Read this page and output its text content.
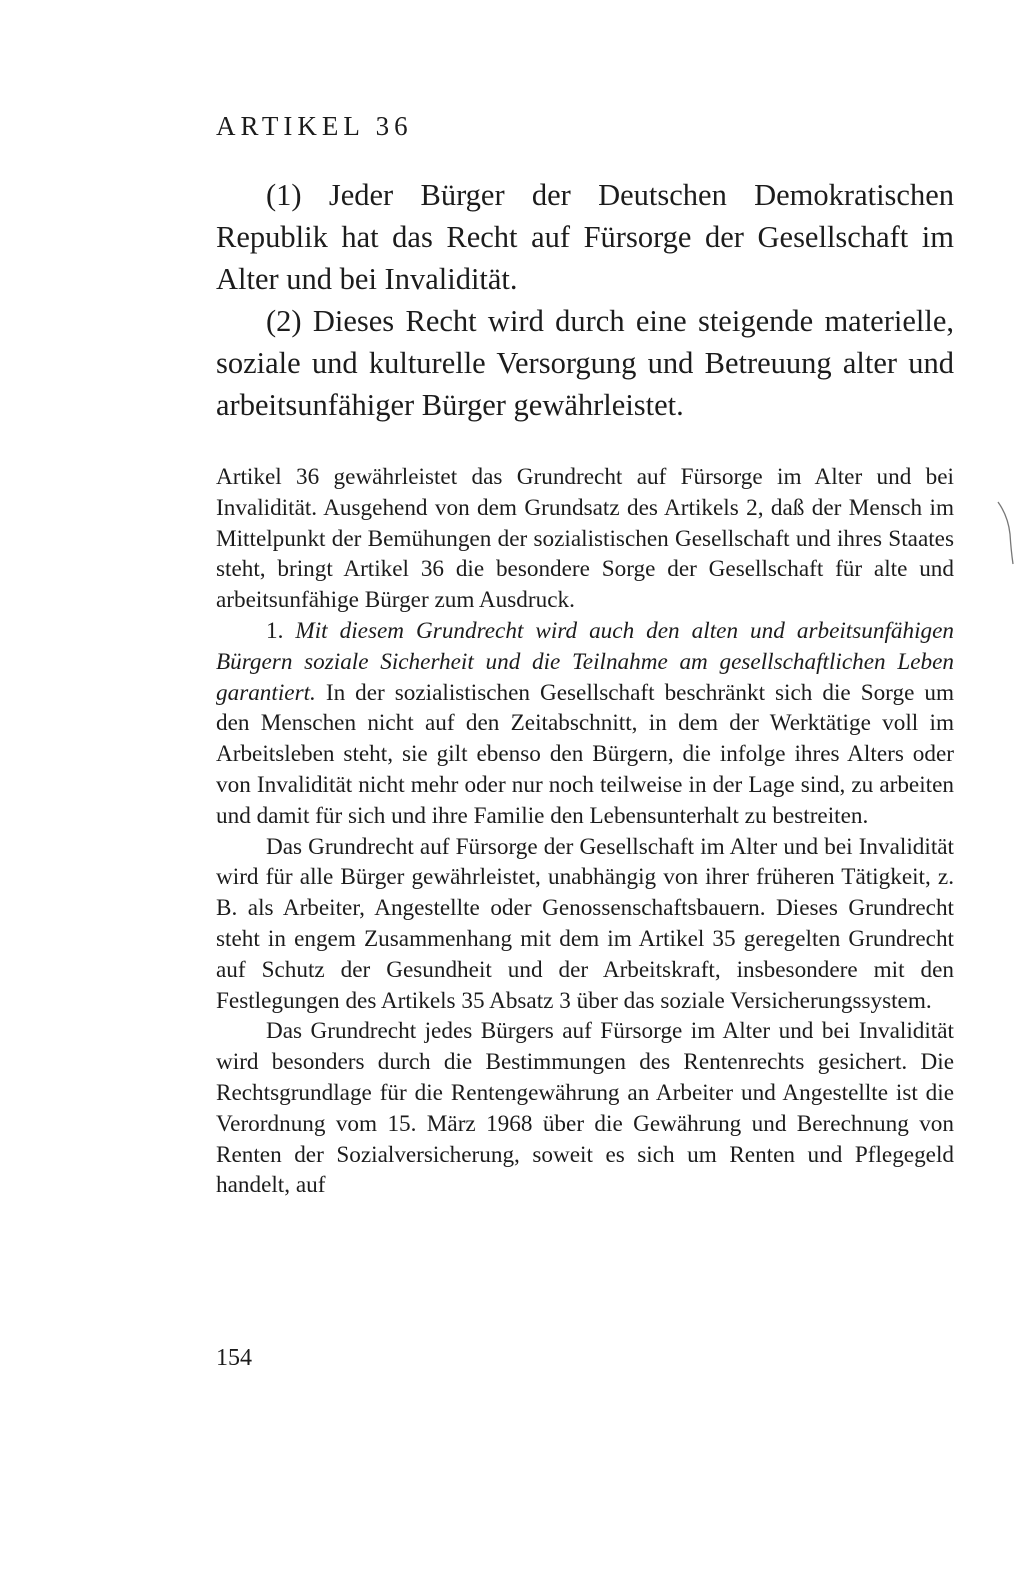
ARTIKEL 36

(1) Jeder Bürger der Deutschen Demokratischen Republik hat das Recht auf Fürsorge der Gesellschaft im Alter und bei Invalidität.

(2) Dieses Recht wird durch eine steigende materielle, soziale und kulturelle Versorgung und Betreuung alter und arbeitsunfähiger Bürger gewährleistet.

Artikel 36 gewährleistet das Grundrecht auf Fürsorge im Alter und bei Invalidität. Ausgehend von dem Grundsatz des Artikels 2, daß der Mensch im Mittelpunkt der Bemühungen der sozialistischen Gesellschaft und ihres Staates steht, bringt Artikel 36 die besondere Sorge der Gesellschaft für alte und arbeitsunfähige Bürger zum Ausdruck.

1. Mit diesem Grundrecht wird auch den alten und arbeitsunfähigen Bürgern soziale Sicherheit und die Teilnahme am gesellschaftlichen Leben garantiert. In der sozialistischen Gesellschaft beschränkt sich die Sorge um den Menschen nicht auf den Zeitabschnitt, in dem der Werktätige voll im Arbeitsleben steht, sie gilt ebenso den Bürgern, die infolge ihres Alters oder von Invalidität nicht mehr oder nur noch teilweise in der Lage sind, zu arbeiten und damit für sich und ihre Familie den Lebensunterhalt zu bestreiten.

Das Grundrecht auf Fürsorge der Gesellschaft im Alter und bei Invalidität wird für alle Bürger gewährleistet, unabhängig von ihrer früheren Tätigkeit, z. B. als Arbeiter, Angestellte oder Genossenschaftsbauern. Dieses Grundrecht steht in engem Zusammenhang mit dem im Artikel 35 geregelten Grundrecht auf Schutz der Gesundheit und der Arbeitskraft, insbesondere mit den Festlegungen des Artikels 35 Absatz 3 über das soziale Versicherungssystem.

Das Grundrecht jedes Bürgers auf Fürsorge im Alter und bei Invalidität wird besonders durch die Bestimmungen des Rentenrechts gesichert. Die Rechtsgrundlage für die Rentengewährung an Arbeiter und Angestellte ist die Verordnung vom 15. März 1968 über die Gewährung und Berechnung von Renten der Sozialversicherung, soweit es sich um Renten und Pflegegeld handelt, auf

154
